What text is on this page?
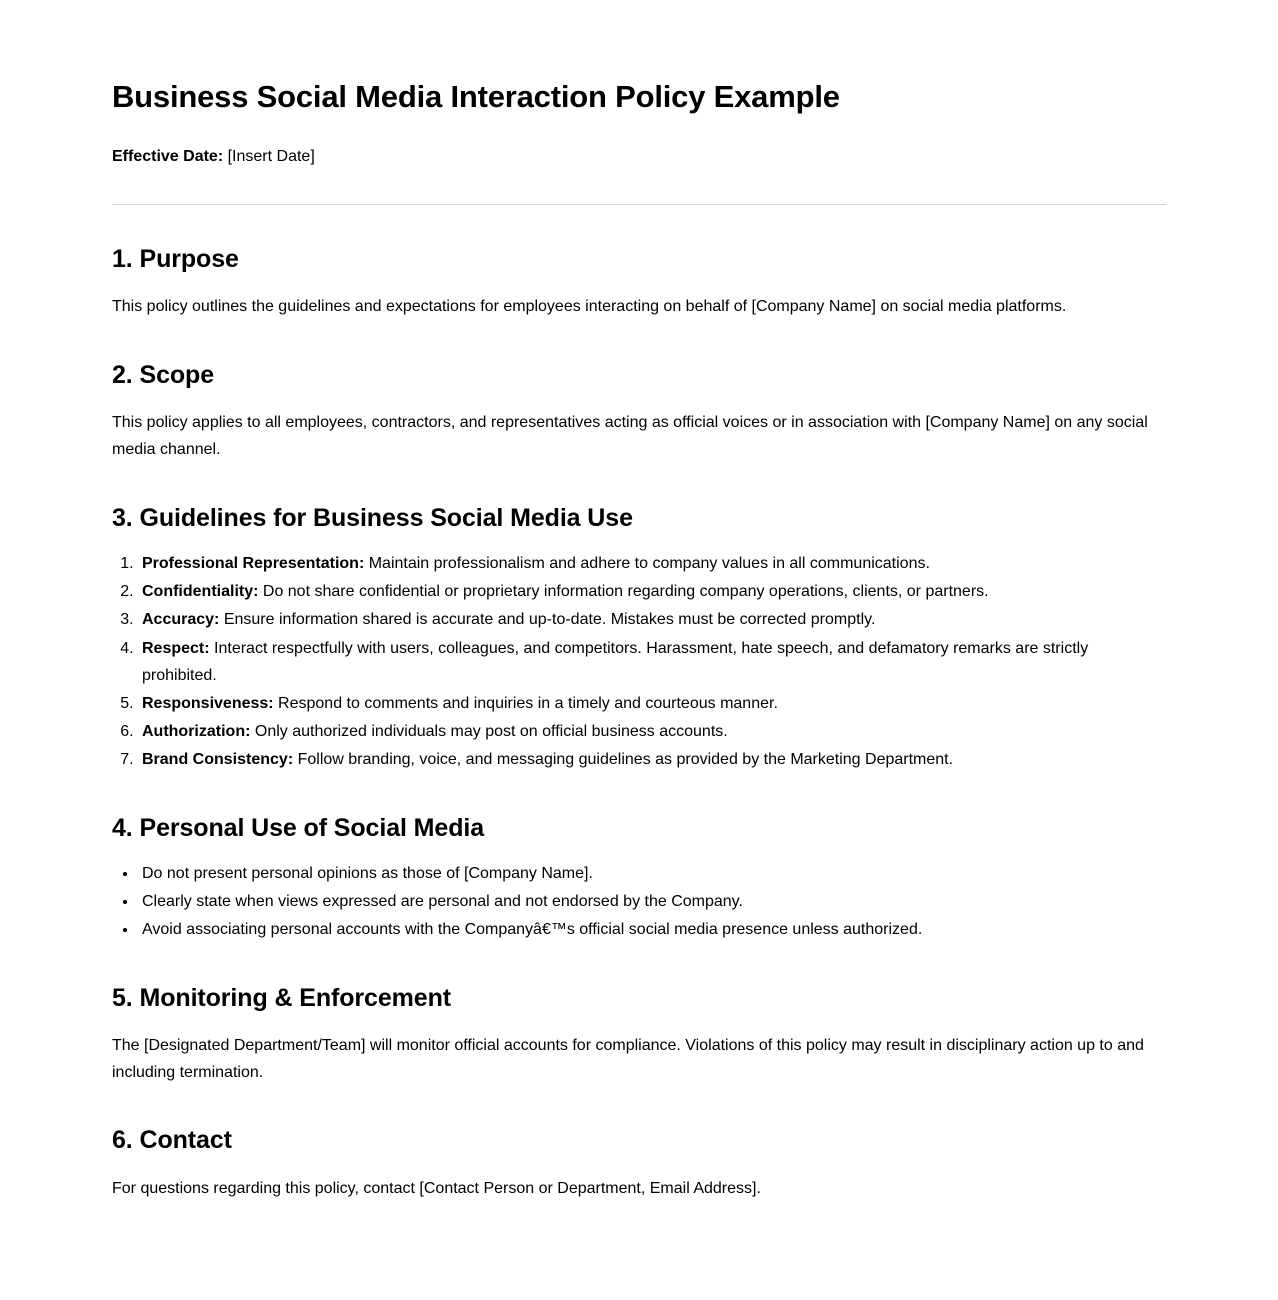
Business Social Media Interaction Policy Example

Effective Date: [Insert Date]

1. Purpose

This policy outlines the guidelines and expectations for employees interacting on behalf of [Company Name] on social media platforms.

2. Scope

This policy applies to all employees, contractors, and representatives acting as official voices or in association with [Company Name] on any social media channel.

3. Guidelines for Business Social Media Use
1. Professional Representation: Maintain professionalism and adhere to company values in all communications.
2. Confidentiality: Do not share confidential or proprietary information regarding company operations, clients, or partners.
3. Accuracy: Ensure information shared is accurate and up-to-date. Mistakes must be corrected promptly.
4. Respect: Interact respectfully with users, colleagues, and competitors. Harassment, hate speech, and defamatory remarks are strictly prohibited.
5. Responsiveness: Respond to comments and inquiries in a timely and courteous manner.
6. Authorization: Only authorized individuals may post on official business accounts.
7. Brand Consistency: Follow branding, voice, and messaging guidelines as provided by the Marketing Department.
4. Personal Use of Social Media
• Do not present personal opinions as those of [Company Name].
• Clearly state when views expressed are personal and not endorsed by the Company.
• Avoid associating personal accounts with the Companyâ€™s official social media presence unless authorized.
5. Monitoring & Enforcement

The [Designated Department/Team] will monitor official accounts for compliance. Violations of this policy may result in disciplinary action up to and including termination.

6. Contact

For questions regarding this policy, contact [Contact Person or Department, Email Address].
